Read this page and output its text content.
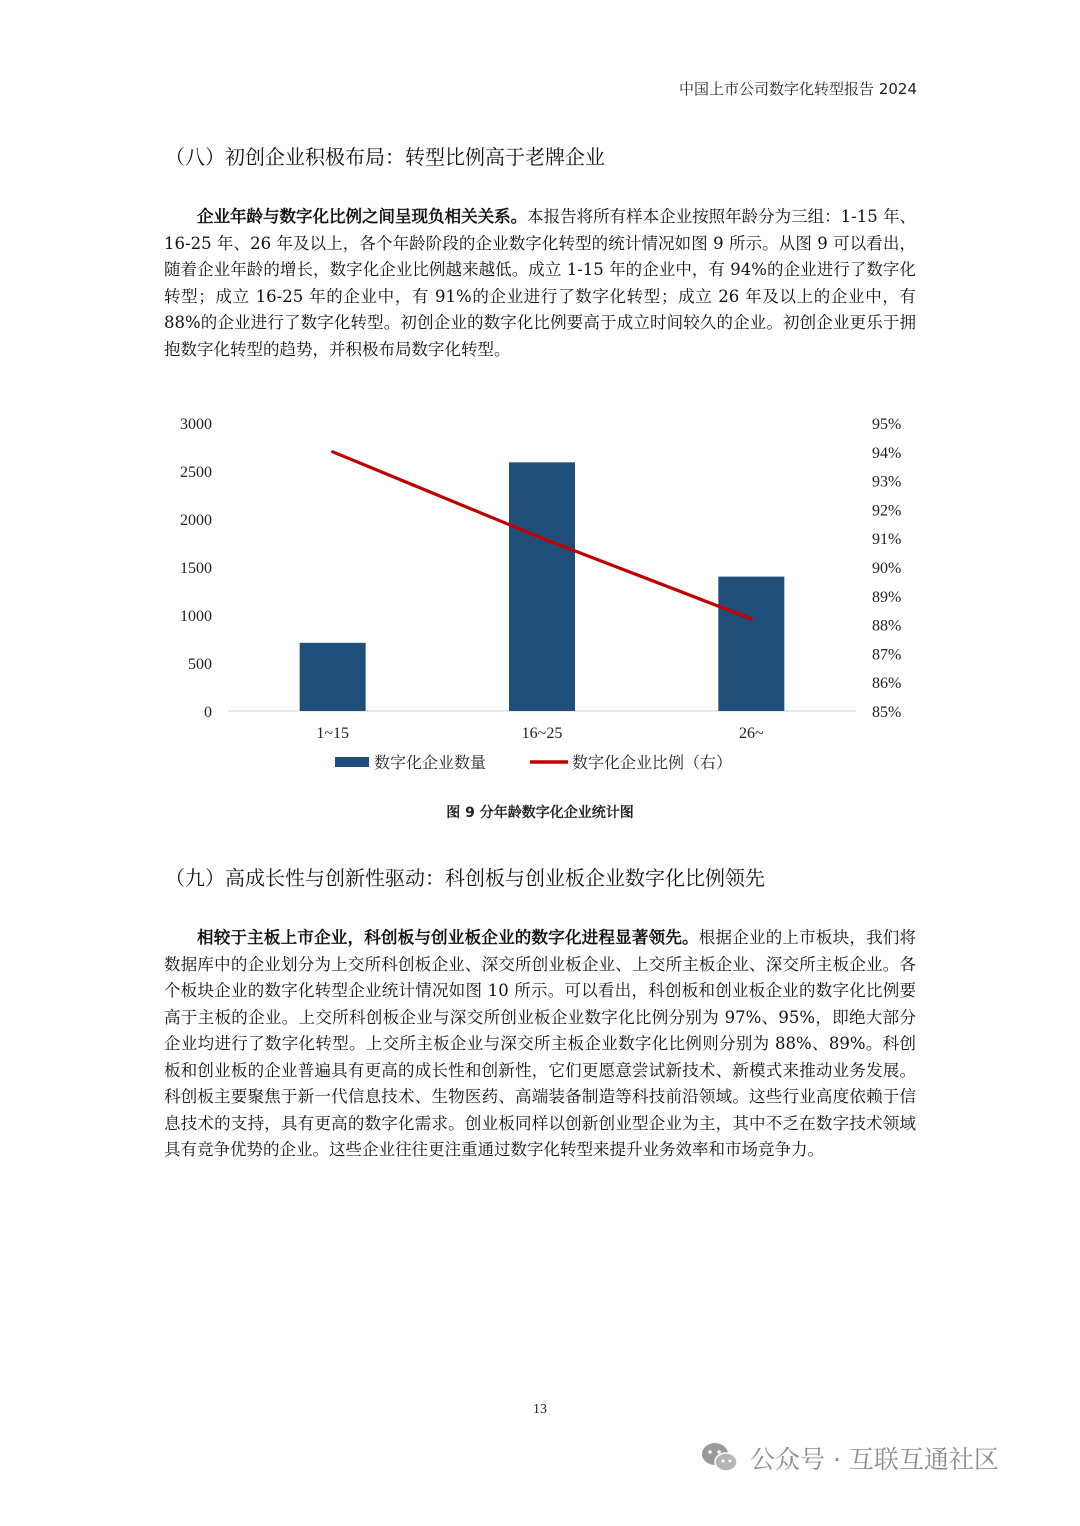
中国上市公司数字化转型报告 2024
（八）初创企业积极布局：转型比例高于老牌企业

企业年龄与数字化比例之间呈现负相关关系。本报告将所有样本企业按照年龄分为三组：1-15 年、16-25 年、26 年及以上，各个年龄阶段的企业数字化转型的统计情况如图 9 所示。从图 9 可以看出，随着企业年龄的增长，数字化企业比例越来越低。成立 1-15 年的企业中，有 94%的企业进行了数字化转型；成立 16-25 年的企业中，有 91%的企业进行了数字化转型；成立 26 年及以上的企业中，有 88%的企业进行了数字化转型。初创企业的数字化比例要高于成立时间较久的企业。初创企业更乐于拥抱数字化转型的趋势，并积极布局数字化转型。

0
500
1000
1500
2000
2500
3000
85%
86%
87%
88%
89%
90%
91%
92%
93%
94%
95%
1~15	16~25	26~
数字化企业数量	数字化企业比例（右）
图 9 分年龄数字化企业统计图
（九）高成长性与创新性驱动：科创板与创业板企业数字化比例领先

相较于主板上市企业，科创板与创业板企业的数字化进程显著领先。根据企业的上市板块，我们将数据库中的企业划分为上交所科创板企业、深交所创业板企业、上交所主板企业、深交所主板企业。各个板块企业的数字化转型企业统计情况如图 10 所示。可以看出，科创板和创业板企业的数字化比例要高于主板的企业。上交所科创板企业与深交所创业板企业数字化比例分别为 97%、95%，即绝大部分企业均进行了数字化转型。上交所主板企业与深交所主板企业数字化比例则分别为 88%、89%。科创板和创业板的企业普遍具有更高的成长性和创新性，它们更愿意尝试新技术、新模式来推动业务发展。科创板主要聚焦于新一代信息技术、生物医药、高端装备制造等科技前沿领域。这些行业高度依赖于信息技术的支持，具有更高的数字化需求。创业板同样以创新创业型企业为主，其中不乏在数字技术领域具有竞争优势的企业。这些企业往往更注重通过数字化转型来提升业务效率和市场竞争力。

13
公众号 · 互联互通社区
